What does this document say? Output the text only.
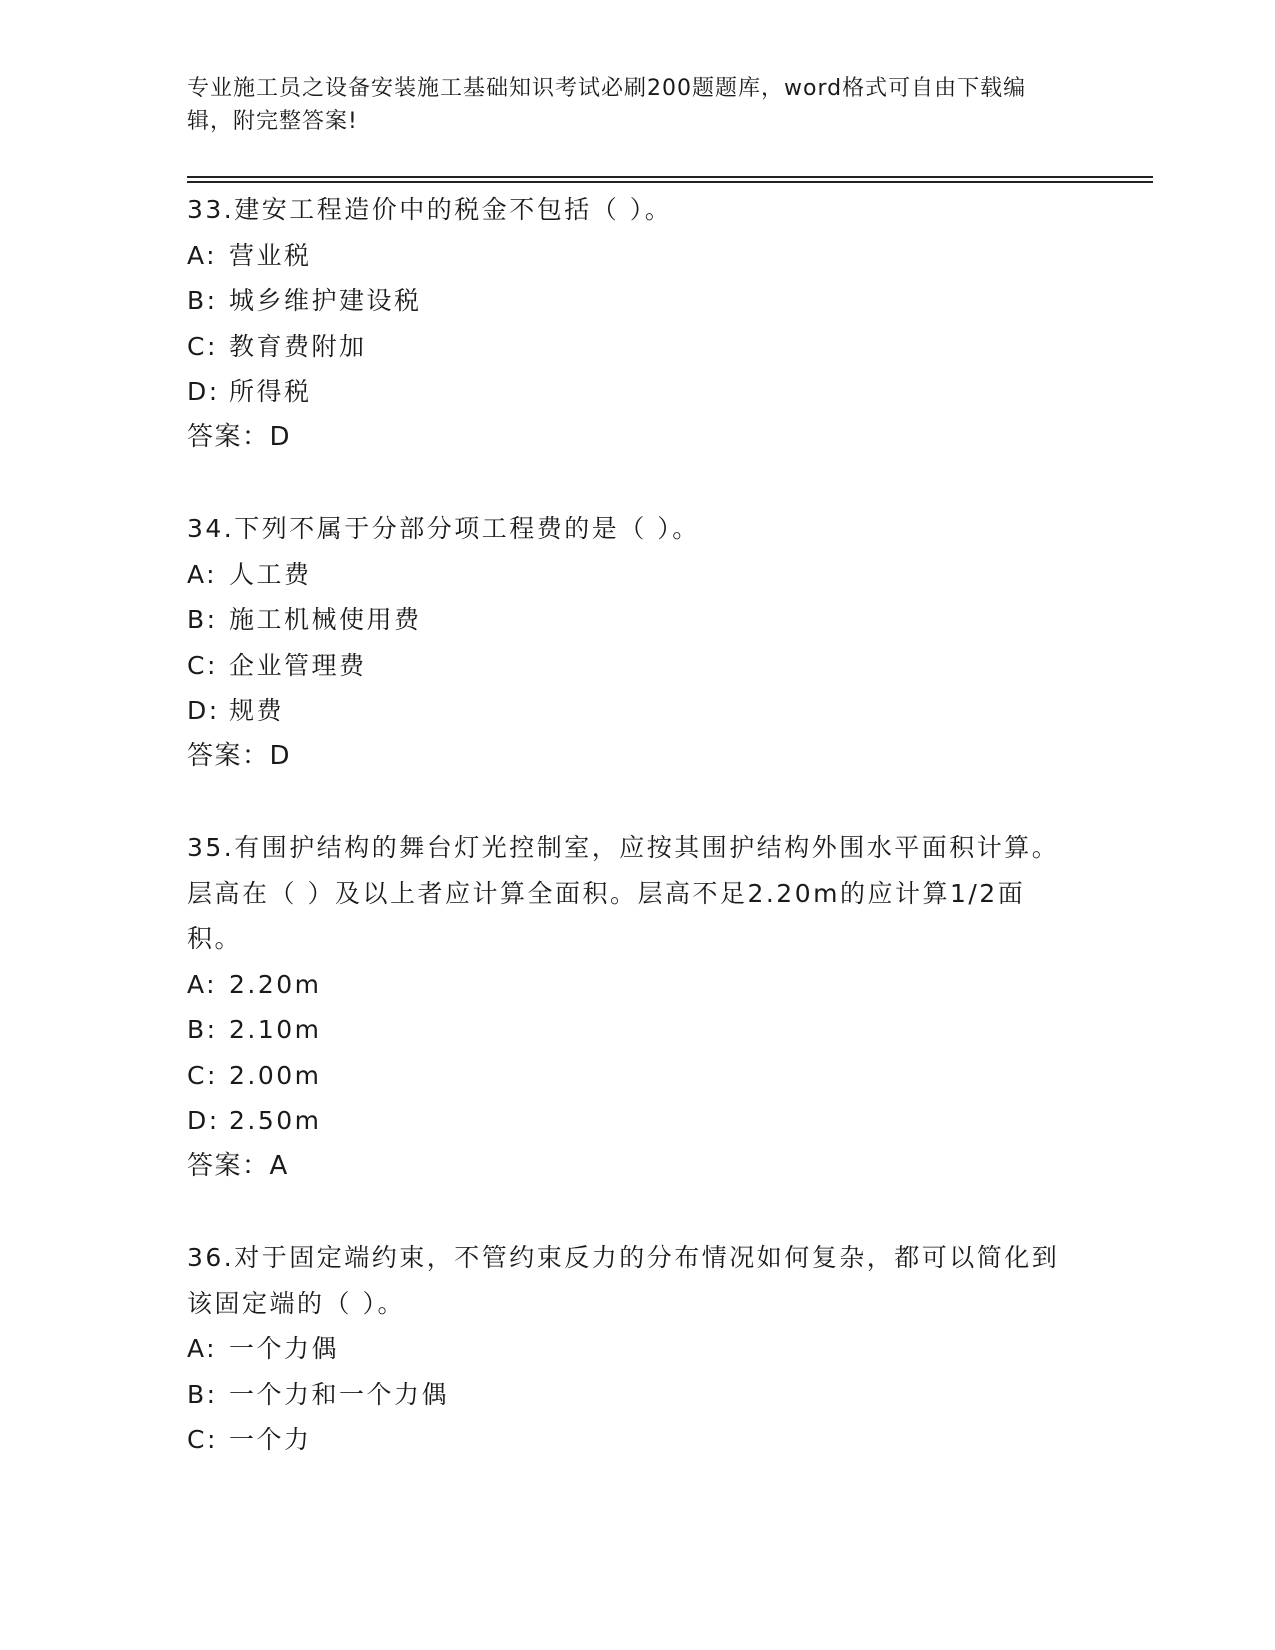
专业施工员之设备安装施工基础知识考试必刷200题题库，word格式可自由下载编辑，附完整答案!
33.建安工程造价中的税金不包括（ ）。
A: 营业税
B: 城乡维护建设税
C: 教育费附加
D: 所得税
答案：D
34.下列不属于分部分项工程费的是（ ）。
A: 人工费
B: 施工机械使用费
C: 企业管理费
D: 规费
答案：D
35.有围护结构的舞台灯光控制室，应按其围护结构外围水平面积计算。层高在（ ）及以上者应计算全面积。层高不足2.20m的应计算1/2面积。
A: 2.20m
B: 2.10m
C: 2.00m
D: 2.50m
答案：A
36.对于固定端约束，不管约束反力的分布情况如何复杂，都可以简化到该固定端的（ ）。
A: 一个力偶
B: 一个力和一个力偶
C: 一个力
